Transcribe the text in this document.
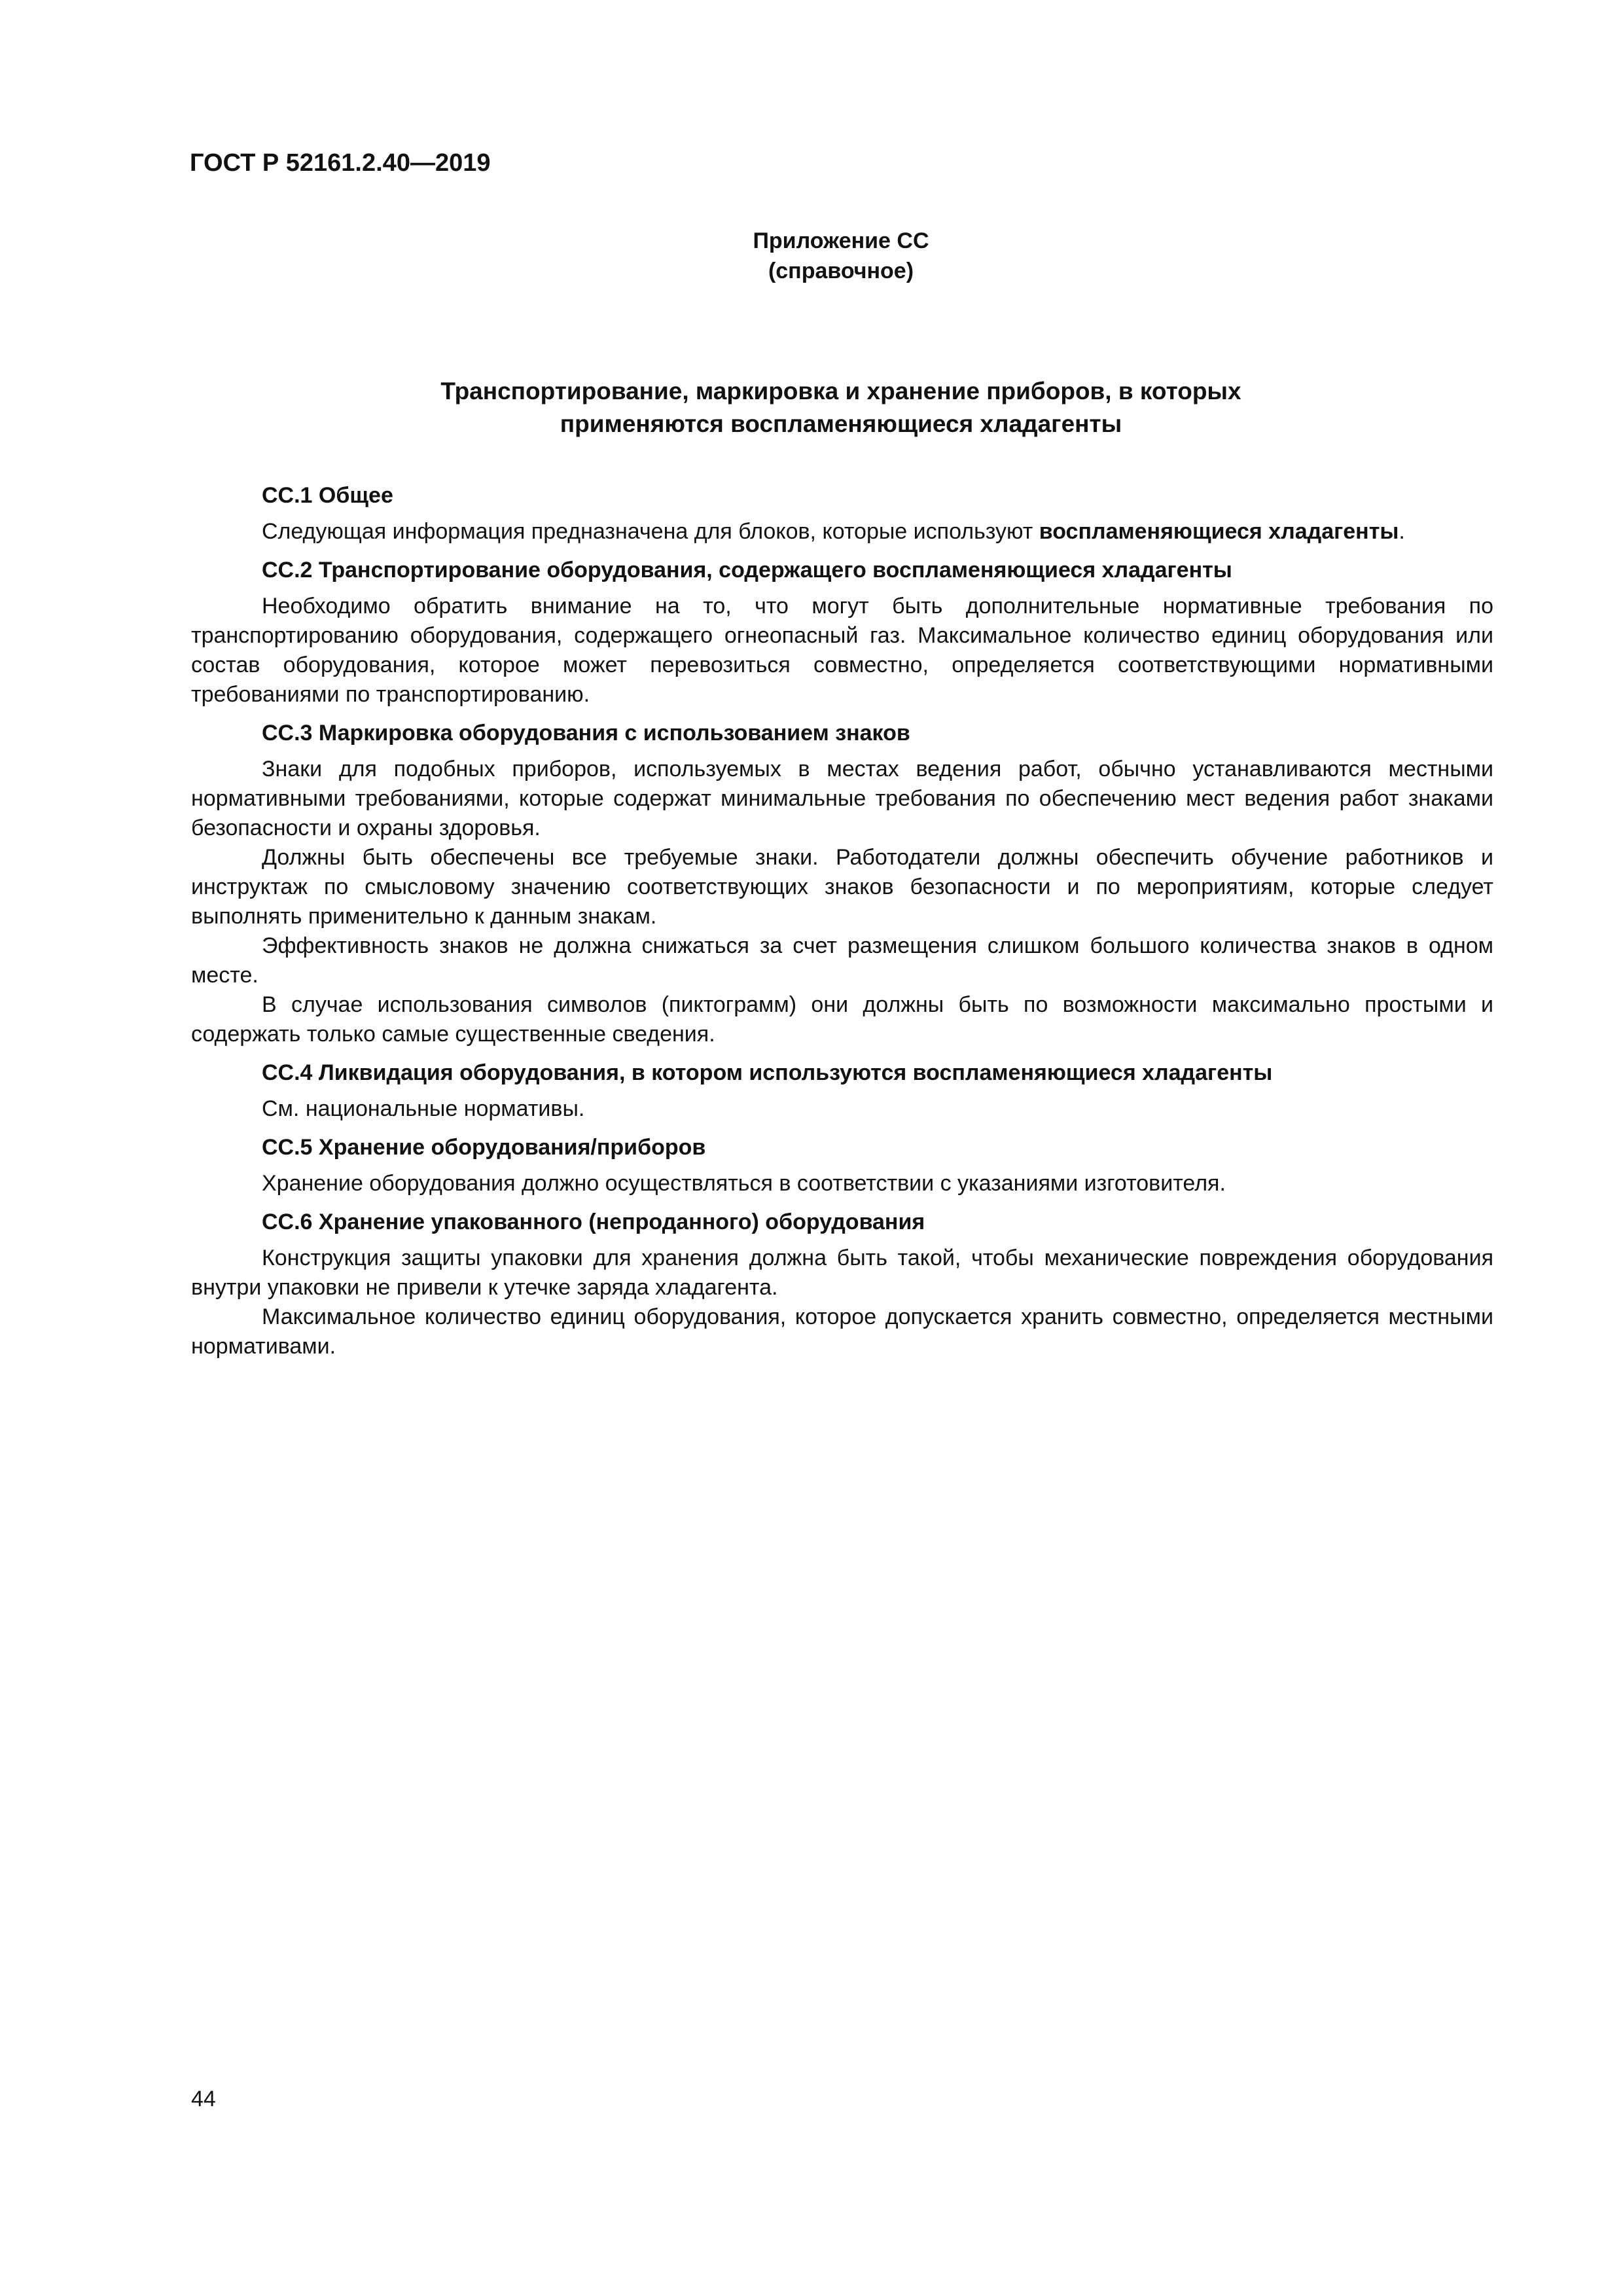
ГОСТ Р 52161.2.40—2019
Приложение СС
(справочное)
Транспортирование, маркировка и хранение приборов, в которых
применяются воспламеняющиеся хладагенты
СС.1 Общее

Следующая информация предназначена для блоков, которые используют воспламеняющиеся хладагенты.

СС.2 Транспортирование оборудования, содержащего воспламеняющиеся хладагенты

Необходимо обратить внимание на то, что могут быть дополнительные нормативные требования по транспортированию оборудования, содержащего огнеопасный газ. Максимальное количество единиц оборудования или состав оборудования, которое может перевозиться совместно, определяется соответствующими нормативными требованиями по транспортированию.

СС.3 Маркировка оборудования с использованием знаков

Знаки для подобных приборов, используемых в местах ведения работ, обычно устанавливаются местными нормативными требованиями, которые содержат минимальные требования по обеспечению мест ведения работ знаками безопасности и охраны здоровья.

Должны быть обеспечены все требуемые знаки. Работодатели должны обеспечить обучение работников и инструктаж по смысловому значению соответствующих знаков безопасности и по мероприятиям, которые следует выполнять применительно к данным знакам.

Эффективность знаков не должна снижаться за счет размещения слишком большого количества знаков в одном месте.

В случае использования символов (пиктограмм) они должны быть по возможности максимально простыми и содержать только самые существенные сведения.

СС.4 Ликвидация оборудования, в котором используются воспламеняющиеся хладагенты

См. национальные нормативы.

СС.5 Хранение оборудования/приборов

Хранение оборудования должно осуществляться в соответствии с указаниями изготовителя.

СС.6 Хранение упакованного (непроданного) оборудования

Конструкция защиты упаковки для хранения должна быть такой, чтобы механические повреждения оборудования внутри упаковки не привели к утечке заряда хладагента.

Максимальное количество единиц оборудования, которое допускается хранить совместно, определяется местными нормативами.

44
